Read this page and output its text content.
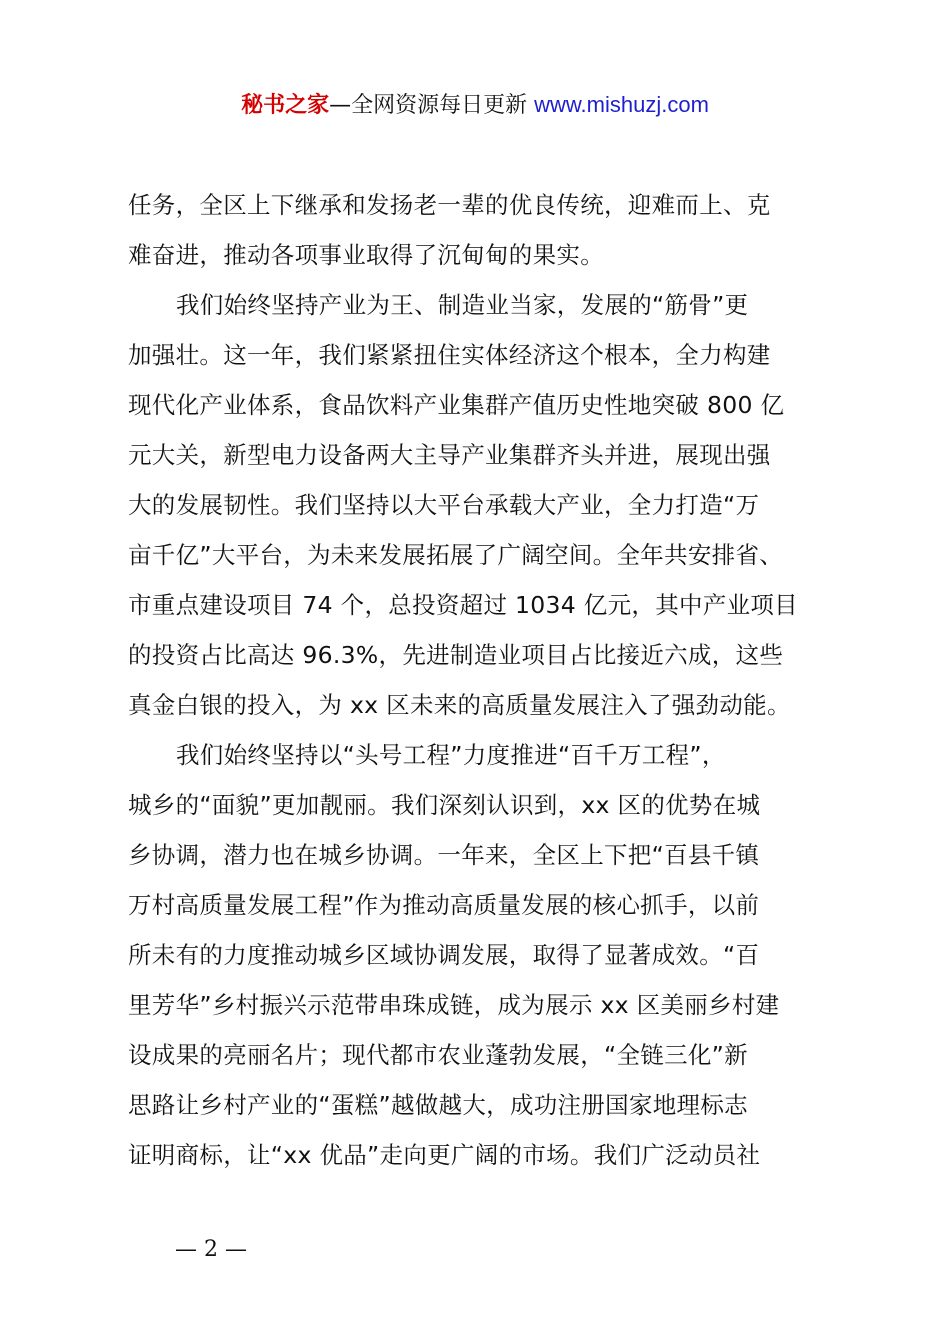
秘书之家—全网资源每日更新 www.mishuzj.com
任务，全区上下继承和发扬老一辈的优良传统，迎难而上、克
难奋进，推动各项事业取得了沉甸甸的果实。
我们始终坚持产业为王、制造业当家，发展的“筋骨”更
加强壮。这一年，我们紧紧扭住实体经济这个根本，全力构建
现代化产业体系，食品饮料产业集群产值历史性地突破 800 亿
元大关，新型电力设备两大主导产业集群齐头并进，展现出强
大的发展韧性。我们坚持以大平台承载大产业，全力打造“万
亩千亿”大平台，为未来发展拓展了广阔空间。全年共安排省、
市重点建设项目 74 个，总投资超过 1034 亿元，其中产业项目
的投资占比高达 96.3%，先进制造业项目占比接近六成，这些
真金白银的投入，为 xx 区未来的高质量发展注入了强劲动能。
我们始终坚持以“头号工程”力度推进“百千万工程”，
城乡的“面貌”更加靓丽。我们深刻认识到，xx 区的优势在城
乡协调，潜力也在城乡协调。一年来，全区上下把“百县千镇
万村高质量发展工程”作为推动高质量发展的核心抓手，以前
所未有的力度推动城乡区域协调发展，取得了显著成效。“百
里芳华”乡村振兴示范带串珠成链，成为展示 xx 区美丽乡村建
设成果的亮丽名片；现代都市农业蓬勃发展，“全链三化”新
思路让乡村产业的“蛋糕”越做越大，成功注册国家地理标志
证明商标，让“xx 优品”走向更广阔的市场。我们广泛动员社
— 2 —
